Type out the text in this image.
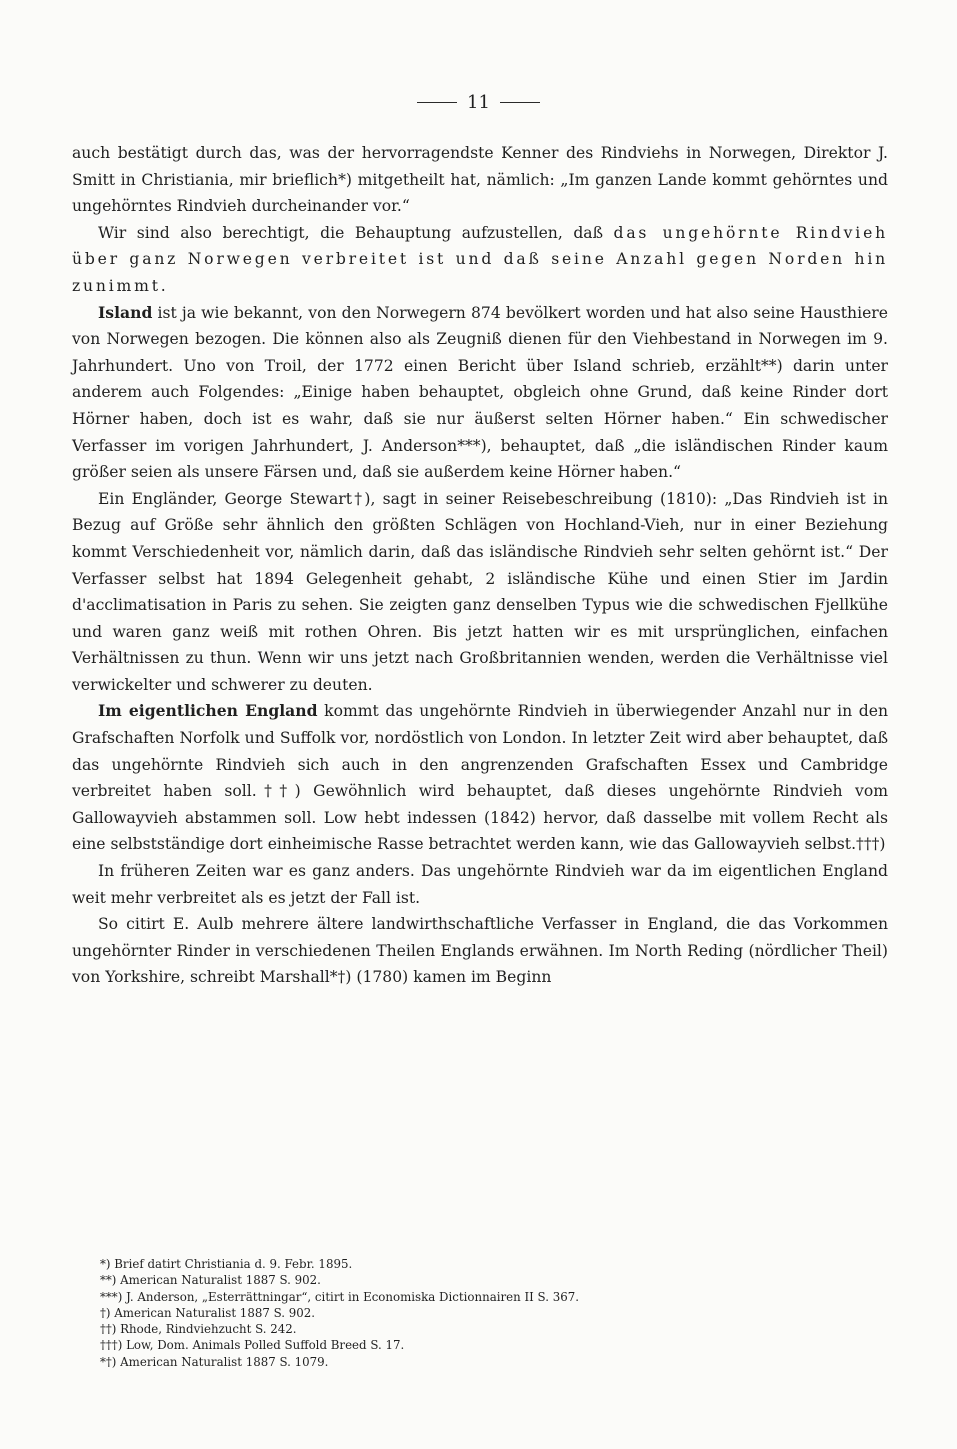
11

auch bestätigt durch das, was der hervorragendste Kenner des Rindviehs in Norwegen, Direktor J. Smitt in Christiania, mir brieflich*) mitgetheilt hat, nämlich: „Im ganzen Lande kommt gehörntes und ungehörntes Rindvieh durcheinander vor.“

Wir sind also berechtigt, die Behauptung aufzustellen, daß das ungehörnte Rindvieh über ganz Norwegen verbreitet ist und daß seine Anzahl gegen Norden hin zunimmt.

Island ist ja wie bekannt, von den Norwegern 874 bevölkert worden und hat also seine Hausthiere von Norwegen bezogen. Die können also als Zeugniß dienen für den Viehbestand in Norwegen im 9. Jahrhundert. Uno von Troil, der 1772 einen Bericht über Island schrieb, erzählt**) darin unter anderem auch Folgendes: „Einige haben behauptet, obgleich ohne Grund, daß keine Rinder dort Hörner haben, doch ist es wahr, daß sie nur äußerst selten Hörner haben.“ Ein schwedischer Verfasser im vorigen Jahrhundert, J. Anderson***), behauptet, daß „die isländischen Rinder kaum größer seien als unsere Färsen und, daß sie außerdem keine Hörner haben.“

Ein Engländer, George Stewart†), sagt in seiner Reisebeschreibung (1810): „Das Rindvieh ist in Bezug auf Größe sehr ähnlich den größten Schlägen von Hochland-Vieh, nur in einer Beziehung kommt Verschiedenheit vor, nämlich darin, daß das isländische Rindvieh sehr selten gehörnt ist.“ Der Verfasser selbst hat 1894 Gelegenheit gehabt, 2 isländische Kühe und einen Stier im Jardin d'acclimatisation in Paris zu sehen. Sie zeigten ganz denselben Typus wie die schwedischen Fjellkühe und waren ganz weiß mit rothen Ohren. Bis jetzt hatten wir es mit ursprünglichen, einfachen Verhältnissen zu thun. Wenn wir uns jetzt nach Großbritannien wenden, werden die Verhältnisse viel verwickelter und schwerer zu deuten.

Im eigentlichen England kommt das ungehörnte Rindvieh in überwiegender Anzahl nur in den Grafschaften Norfolk und Suffolk vor, nordöstlich von London. In letzter Zeit wird aber behauptet, daß das ungehörnte Rindvieh sich auch in den angrenzenden Grafschaften Essex und Cambridge verbreitet haben soll.††) Gewöhnlich wird behauptet, daß dieses ungehörnte Rindvieh vom Gallowayvieh abstammen soll. Low hebt indessen (1842) hervor, daß dasselbe mit vollem Recht als eine selbstständige dort einheimische Rasse betrachtet werden kann, wie das Gallowayvieh selbst.†††)

In früheren Zeiten war es ganz anders. Das ungehörnte Rindvieh war da im eigentlichen England weit mehr verbreitet als es jetzt der Fall ist.

So citirt E. Aulb mehrere ältere landwirthschaftliche Verfasser in England, die das Vorkommen ungehörnter Rinder in verschiedenen Theilen Englands erwähnen. Im North Reding (nördlicher Theil) von Yorkshire, schreibt Marshall*†) (1780) kamen im Beginn

*) Brief datirt Christiania d. 9. Febr. 1895.

**) American Naturalist 1887 S. 902.

***) J. Anderson, „Esterrättningar“, citirt in Economiska Dictionnairen II S. 367.

†) American Naturalist 1887 S. 902.

††) Rhode, Rindviehzucht S. 242.

†††) Low, Dom. Animals Polled Suffold Breed S. 17.

*†) American Naturalist 1887 S. 1079.
